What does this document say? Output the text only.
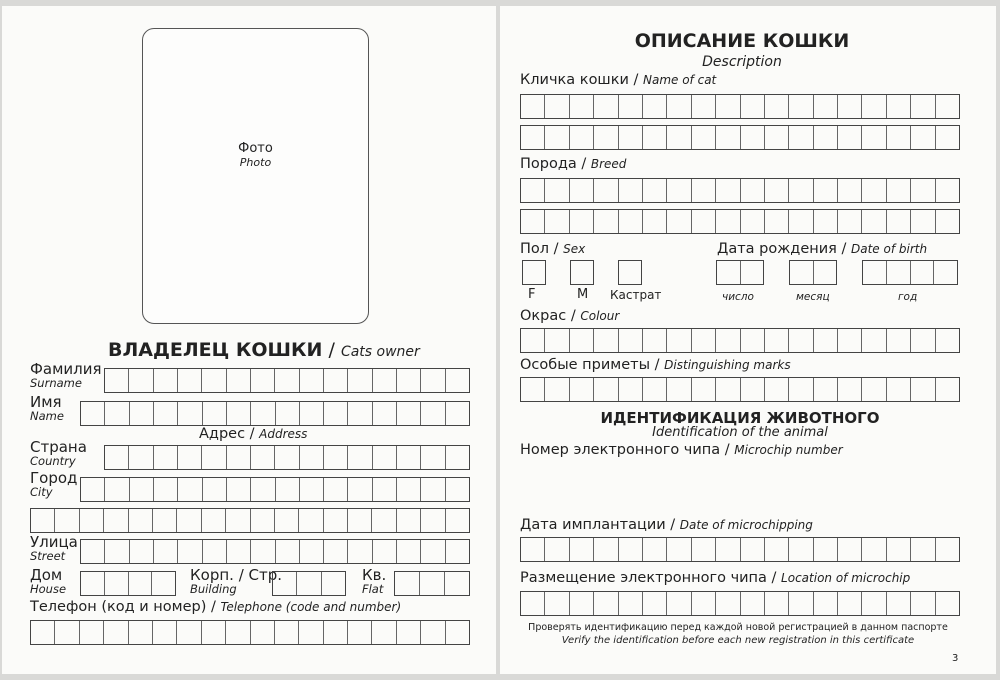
Фото
Photo
ВЛАДЕЛЕЦ КОШКИ / Cats owner
Фамилия
Surname
Имя
Name
Адрес / Address
Страна
Country
Город
City
Улица
Street
Дом
House
Корп. / Стр.
Building
Кв.
Flat
Телефон (код и номер) / Telephone (code and number)
ОПИСАНИЕ КОШКИ
Description
Кличка кошки / Name of cat
Порода / Breed
Пол / Sex
F	M Кастрат
Дата рождения / Date of birth
число	месяц	год
Окрас / Colour
Особые приметы / Distinguishing marks
ИДЕНТИФИКАЦИЯ ЖИВОТНОГО
Identification of the animal
Номер электронного чипа / Microchip number
Дата имплантации / Date of microchipping
Размещение электронного чипа / Location of microchip
Проверять идентификацию перед каждой новой регистрацией в данном паспорте
Verify the identification before each new registration in this certificate
3
